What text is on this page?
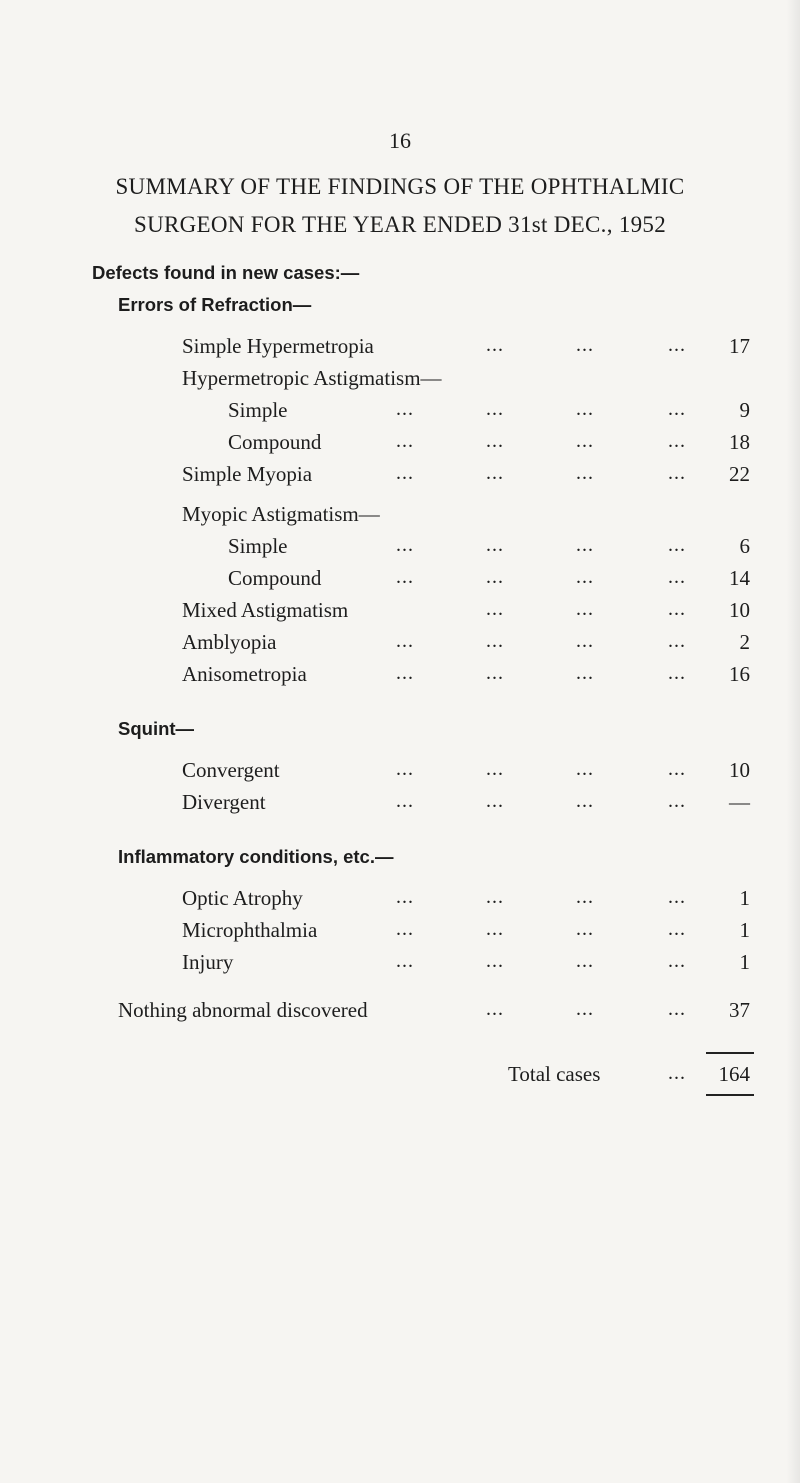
16
SUMMARY OF THE FINDINGS OF THE OPHTHALMIC
SURGEON FOR THE YEAR ENDED 31st DEC., 1952
Defects found in new cases:—
Errors of Refraction—
Simple Hypermetropia	...	...	... 17
Hypermetropic Astigmatism—
Simple	...	...	...	...	9
Compound	...	...	...	... 18
Simple Myopia	...	...	...	... 22
Myopic Astigmatism—
Simple	...	...	...	...	6
Compound	...	...	...	... 14
Mixed Astigmatism	...	...	... 10
Amblyopia	...	...	...	...	2
Anisometropia	...	...	...	... 16
Squint—
Convergent	...	...	...	... 10
Divergent	...	...	...	... —
Inflammatory conditions, etc.—
Optic Atrophy	...	...	...	...	1
Microphthalmia	...	...	...	...	1
Injury	...	...	...	...	1
Nothing abnormal discovered	...	...	... 37
Total cases	... 164
